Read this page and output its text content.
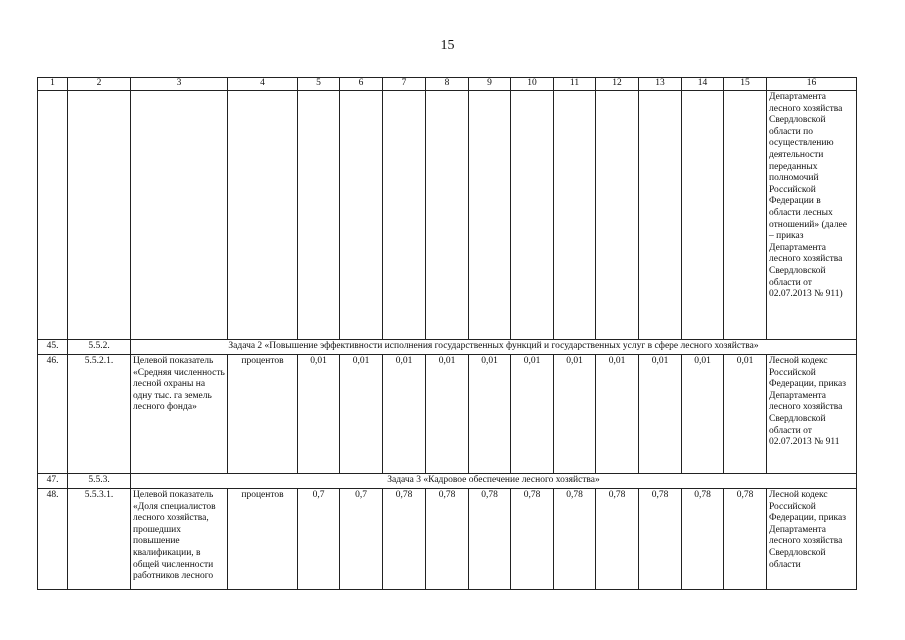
15
1	2	3	4	5	6	7	8	9	10	11	12	13	14	15	16
															Департамента лесного хозяйства Свердловской области по осуществлению деятельности переданных полномочий Российской Федерации в области лесных отношений» (далее – приказ Департамента лесного хозяйства Свердловской области от 02.07.2013 № 911)
45.	5.5.2.	Задача 2 «Повышение эффективности исполнения государственных функций и государственных услуг в сфере лесного хозяйства»													
46.	5.5.2.1.	Целевой показатель «Средняя численность лесной охраны на одну тыс. га земель лесного фонда»	процентов	0,01	0,01	0,01	0,01	0,01	0,01	0,01	0,01	0,01	0,01	0,01	Лесной кодекс Российской Федерации, приказ Департамента лесного хозяйства Свердловской области от 02.07.2013 № 911
47.	5.5.3.	Задача 3 «Кадровое обеспечение лесного хозяйства»													
48.	5.5.3.1.	Целевой показатель «Доля специалистов лесного хозяйства, прошедших повышение квалификации, в общей численности работников лесного	процентов	0,7	0,7	0,78	0,78	0,78	0,78	0,78	0,78	0,78	0,78	0,78	Лесной кодекс Российской Федерации, приказ Департамента лесного хозяйства Свердловской области
